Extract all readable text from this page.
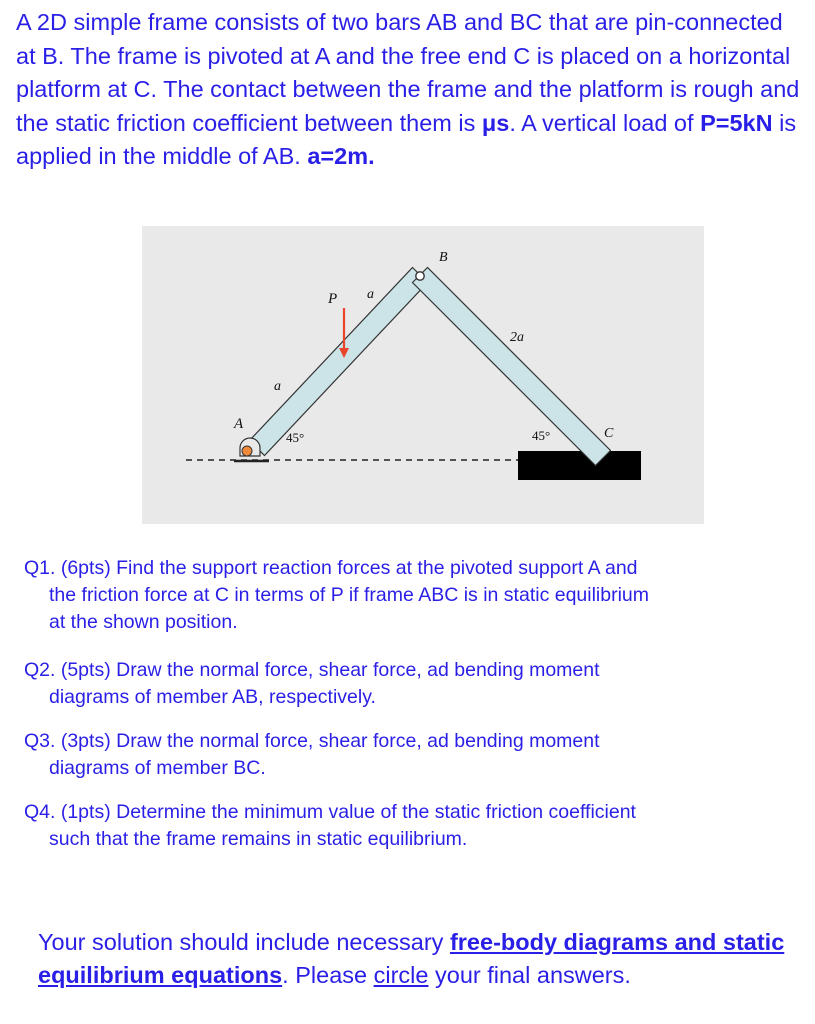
A 2D simple frame consists of two bars AB and BC that are pin-connected at B. The frame is pivoted at A and the free end C is placed on a horizontal platform at C. The contact between the frame and the platform is rough and the static friction coefficient between them is μs. A vertical load of P=5kN is applied in the middle of AB. a=2m.
A
B
C
P a
a
2a
45°	45°
Q1. (6pts) Find the support reaction forces at the pivoted support A and

the friction force at C in terms of P if frame ABC is in static equilibrium
at the shown position.
Q2. (5pts) Draw the normal force, shear force, ad bending moment

diagrams of member AB, respectively.
Q3. (3pts) Draw the normal force, shear force, ad bending moment

diagrams of member BC.
Q4. (1pts) Determine the minimum value of the static friction coefficient

such that the frame remains in static equilibrium.
Your solution should include necessary free-body diagrams and static equilibrium equations. Please circle your final answers.
